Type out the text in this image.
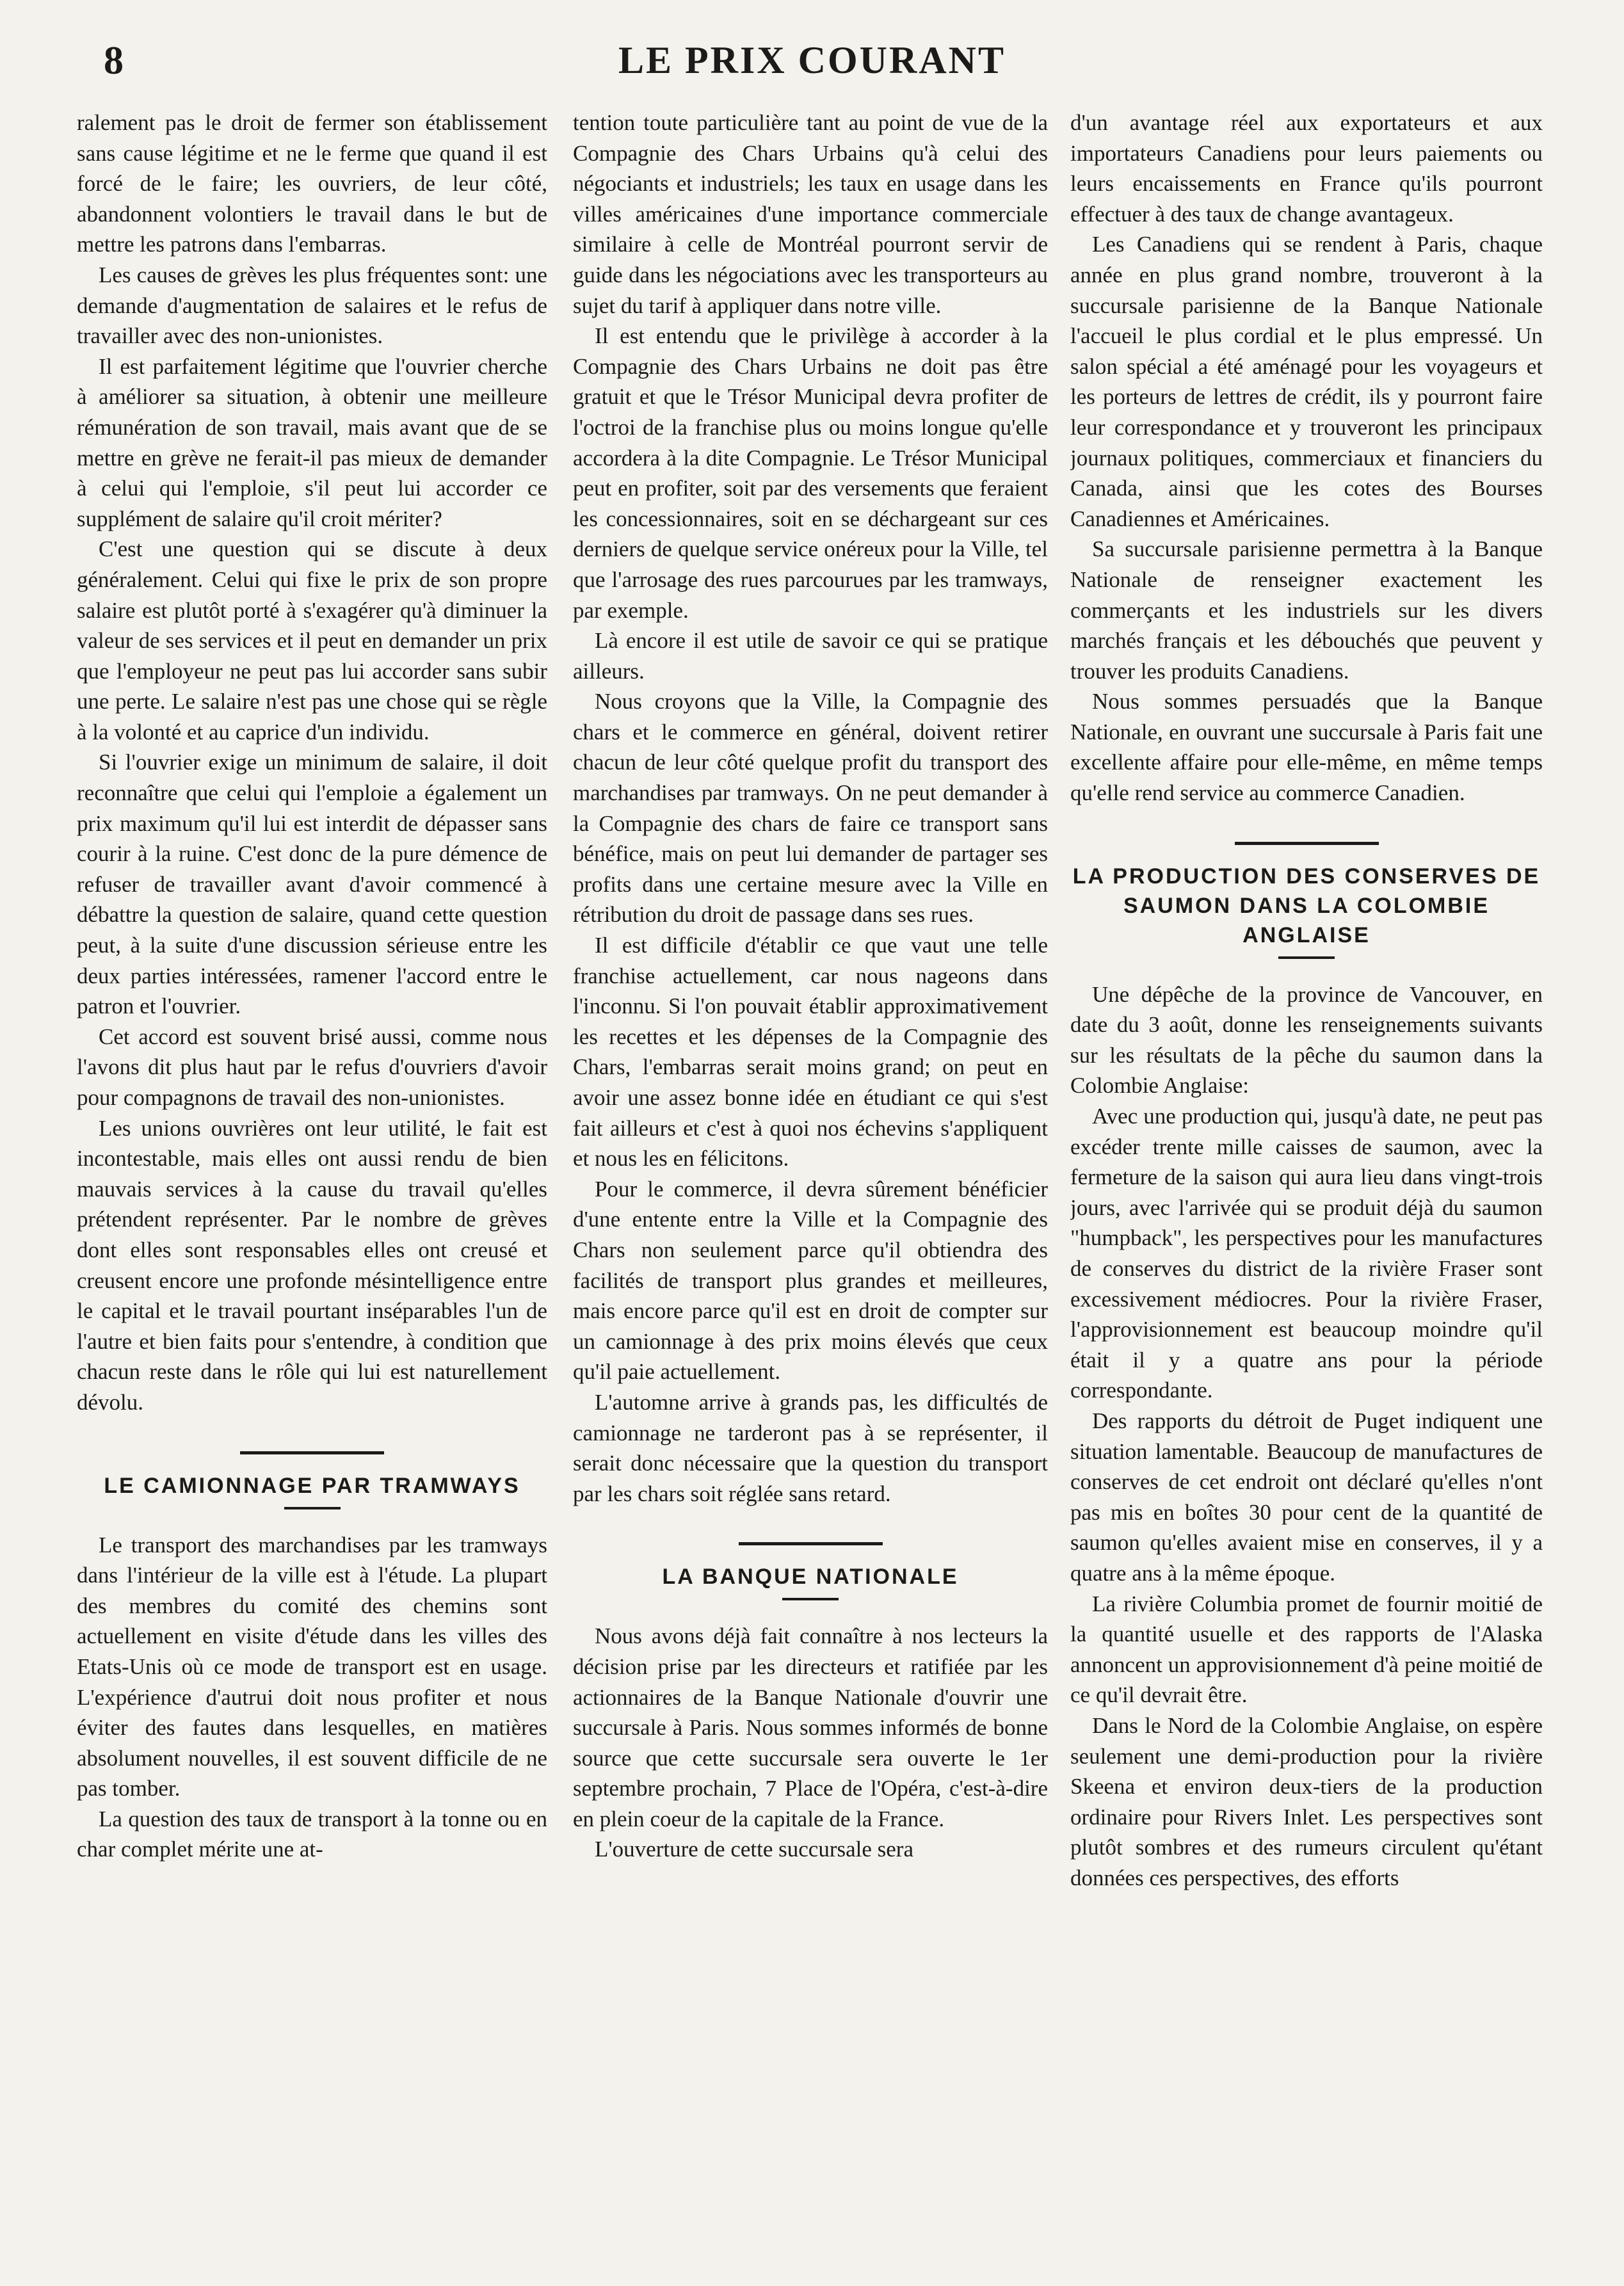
8	LE PRIX COURANT

ralement pas le droit de fermer son établissement sans cause légitime et ne le ferme que quand il est forcé de le faire; les ouvriers, de leur côté, abandonnent volontiers le travail dans le but de mettre les patrons dans l'embarras.

Les causes de grèves les plus fréquentes sont: une demande d'augmentation de salaires et le refus de travailler avec des non-unionistes.

Il est parfaitement légitime que l'ouvrier cherche à améliorer sa situation, à obtenir une meilleure rémunération de son travail, mais avant que de se mettre en grève ne ferait-il pas mieux de demander à celui qui l'emploie, s'il peut lui accorder ce supplément de salaire qu'il croit mériter?

C'est une question qui se discute à deux généralement. Celui qui fixe le prix de son propre salaire est plutôt porté à s'exagérer qu'à diminuer la valeur de ses services et il peut en demander un prix que l'employeur ne peut pas lui accorder sans subir une perte. Le salaire n'est pas une chose qui se règle à la volonté et au caprice d'un individu.

Si l'ouvrier exige un minimum de salaire, il doit reconnaître que celui qui l'emploie a également un prix maximum qu'il lui est interdit de dépasser sans courir à la ruine. C'est donc de la pure démence de refuser de travailler avant d'avoir commencé à débattre la question de salaire, quand cette question peut, à la suite d'une discussion sérieuse entre les deux parties intéressées, ramener l'accord entre le patron et l'ouvrier.

Cet accord est souvent brisé aussi, comme nous l'avons dit plus haut par le refus d'ouvriers d'avoir pour compagnons de travail des non-unionistes.

Les unions ouvrières ont leur utilité, le fait est incontestable, mais elles ont aussi rendu de bien mauvais services à la cause du travail qu'elles prétendent représenter. Par le nombre de grèves dont elles sont responsables elles ont creusé et creusent encore une profonde mésintelligence entre le capital et le travail pourtant inséparables l'un de l'autre et bien faits pour s'entendre, à condition que chacun reste dans le rôle qui lui est naturellement dévolu.

LE CAMIONNAGE PAR TRAMWAYS

Le transport des marchandises par les tramways dans l'intérieur de la ville est à l'étude. La plupart des membres du comité des chemins sont actuellement en visite d'étude dans les villes des Etats-Unis où ce mode de transport est en usage. L'expérience d'autrui doit nous profiter et nous éviter des fautes dans lesquelles, en matières absolument nouvelles, il est souvent difficile de ne pas tomber.

La question des taux de transport à la tonne ou en char complet mérite une at-

tention toute particulière tant au point de vue de la Compagnie des Chars Urbains qu'à celui des négociants et industriels; les taux en usage dans les villes américaines d'une importance commerciale similaire à celle de Montréal pourront servir de guide dans les négociations avec les transporteurs au sujet du tarif à appliquer dans notre ville.

Il est entendu que le privilège à accorder à la Compagnie des Chars Urbains ne doit pas être gratuit et que le Trésor Municipal devra profiter de l'octroi de la franchise plus ou moins longue qu'elle accordera à la dite Compagnie. Le Trésor Municipal peut en profiter, soit par des versements que feraient les concessionnaires, soit en se déchargeant sur ces derniers de quelque service onéreux pour la Ville, tel que l'arrosage des rues parcourues par les tramways, par exemple.

Là encore il est utile de savoir ce qui se pratique ailleurs.

Nous croyons que la Ville, la Compagnie des chars et le commerce en général, doivent retirer chacun de leur côté quelque profit du transport des marchandises par tramways. On ne peut demander à la Compagnie des chars de faire ce transport sans bénéfice, mais on peut lui demander de partager ses profits dans une certaine mesure avec la Ville en rétribution du droit de passage dans ses rues.

Il est difficile d'établir ce que vaut une telle franchise actuellement, car nous nageons dans l'inconnu. Si l'on pouvait établir approximativement les recettes et les dépenses de la Compagnie des Chars, l'embarras serait moins grand; on peut en avoir une assez bonne idée en étudiant ce qui s'est fait ailleurs et c'est à quoi nos échevins s'appliquent et nous les en félicitons.

Pour le commerce, il devra sûrement bénéficier d'une entente entre la Ville et la Compagnie des Chars non seulement parce qu'il obtiendra des facilités de transport plus grandes et meilleures, mais encore parce qu'il est en droit de compter sur un camionnage à des prix moins élevés que ceux qu'il paie actuellement.

L'automne arrive à grands pas, les difficultés de camionnage ne tarderont pas à se représenter, il serait donc nécessaire que la question du transport par les chars soit réglée sans retard.

LA BANQUE NATIONALE

Nous avons déjà fait connaître à nos lecteurs la décision prise par les directeurs et ratifiée par les actionnaires de la Banque Nationale d'ouvrir une succursale à Paris. Nous sommes informés de bonne source que cette succursale sera ouverte le 1er septembre prochain, 7 Place de l'Opéra, c'est-à-dire en plein coeur de la capitale de la France.

L'ouverture de cette succursale sera

d'un avantage réel aux exportateurs et aux importateurs Canadiens pour leurs paiements ou leurs encaissements en France qu'ils pourront effectuer à des taux de change avantageux.

Les Canadiens qui se rendent à Paris, chaque année en plus grand nombre, trouveront à la succursale parisienne de la Banque Nationale l'accueil le plus cordial et le plus empressé. Un salon spécial a été aménagé pour les voyageurs et les porteurs de lettres de crédit, ils y pourront faire leur correspondance et y trouveront les principaux journaux politiques, commerciaux et financiers du Canada, ainsi que les cotes des Bourses Canadiennes et Américaines.

Sa succursale parisienne permettra à la Banque Nationale de renseigner exactement les commerçants et les industriels sur les divers marchés français et les débouchés que peuvent y trouver les produits Canadiens.

Nous sommes persuadés que la Banque Nationale, en ouvrant une succursale à Paris fait une excellente affaire pour elle-même, en même temps qu'elle rend service au commerce Canadien.

LA PRODUCTION DES CONSERVES DE SAUMON DANS LA COLOMBIE ANGLAISE

Une dépêche de la province de Vancouver, en date du 3 août, donne les renseignements suivants sur les résultats de la pêche du saumon dans la Colombie Anglaise:

Avec une production qui, jusqu'à date, ne peut pas excéder trente mille caisses de saumon, avec la fermeture de la saison qui aura lieu dans vingt-trois jours, avec l'arrivée qui se produit déjà du saumon "humpback", les perspectives pour les manufactures de conserves du district de la rivière Fraser sont excessivement médiocres. Pour la rivière Fraser, l'approvisionnement est beaucoup moindre qu'il était il y a quatre ans pour la période correspondante.

Des rapports du détroit de Puget indiquent une situation lamentable. Beaucoup de manufactures de conserves de cet endroit ont déclaré qu'elles n'ont pas mis en boîtes 30 pour cent de la quantité de saumon qu'elles avaient mise en conserves, il y a quatre ans à la même époque.

La rivière Columbia promet de fournir moitié de la quantité usuelle et des rapports de l'Alaska annoncent un approvisionnement d'à peine moitié de ce qu'il devrait être.

Dans le Nord de la Colombie Anglaise, on espère seulement une demi-production pour la rivière Skeena et environ deux-tiers de la production ordinaire pour Rivers Inlet. Les perspectives sont plutôt sombres et des rumeurs circulent qu'étant données ces perspectives, des efforts
